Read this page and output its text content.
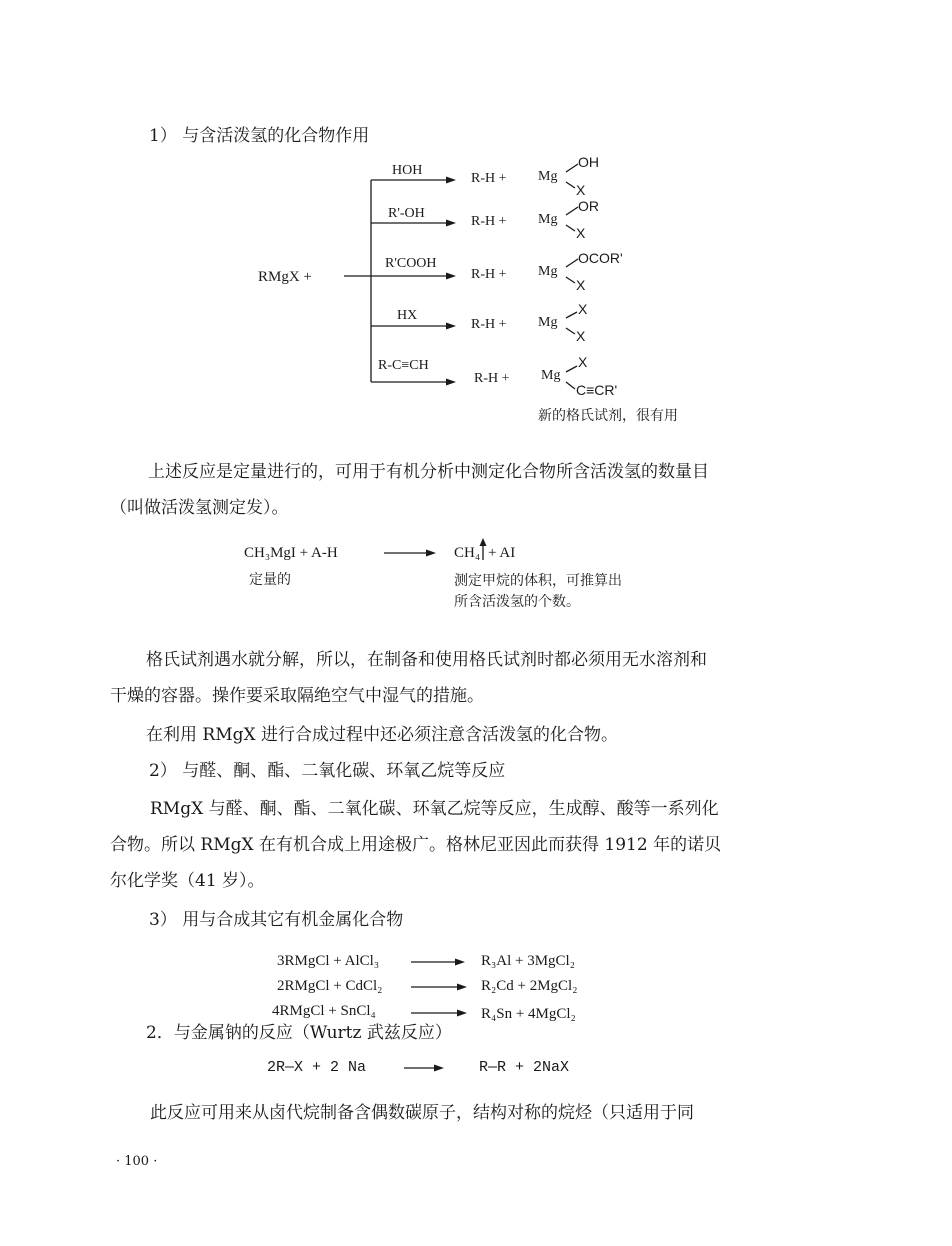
1） 与含活泼氢的化合物作用
RMgX +
HOH
R-H + Mg
OH
X
R'-OH
R-H + Mg
OR
X
R'COOH
R-H + Mg
OCOR'
X
HX
R-H + Mg
X
X
R-C≡CH
R-H + Mg
X
C≡CR'
新的格氏试剂，很有用
上述反应是定量进行的，可用于有机分析中测定化合物所含活泼氢的数量目
（叫做活泼氢测定发）。
CH₃MgI + A-H	CH₄ + AI
定量的	测定甲烷的体积，可推算出
所含活泼氢的个数。
格氏试剂遇水就分解，所以，在制备和使用格氏试剂时都必须用无水溶剂和
干燥的容器。操作要采取隔绝空气中湿气的措施。
在利用 RMgX 进行合成过程中还必须注意含活泼氢的化合物。
2） 与醛、酮、酯、二氧化碳、环氧乙烷等反应
RMgX 与醛、酮、酯、二氧化碳、环氧乙烷等反应，生成醇、酸等一系列化
合物。所以 RMgX 在有机合成上用途极广。格林尼亚因此而获得 1912 年的诺贝
尔化学奖（41 岁）。
3） 用与合成其它有机金属化合物
3RMgCl + AlCl₃	R₃Al + 3MgCl₂
2RMgCl + CdCl₂	R₂Cd + 2MgCl₂
4RMgCl + SnCl₄	R₄Sn + 4MgCl₂
2．与金属钠的反应（Wurtz 武兹反应）
2R—X + 2 Na	R—R + 2NaX
此反应可用来从卤代烷制备含偶数碳原子，结构对称的烷烃（只适用于同
· 100 ·
